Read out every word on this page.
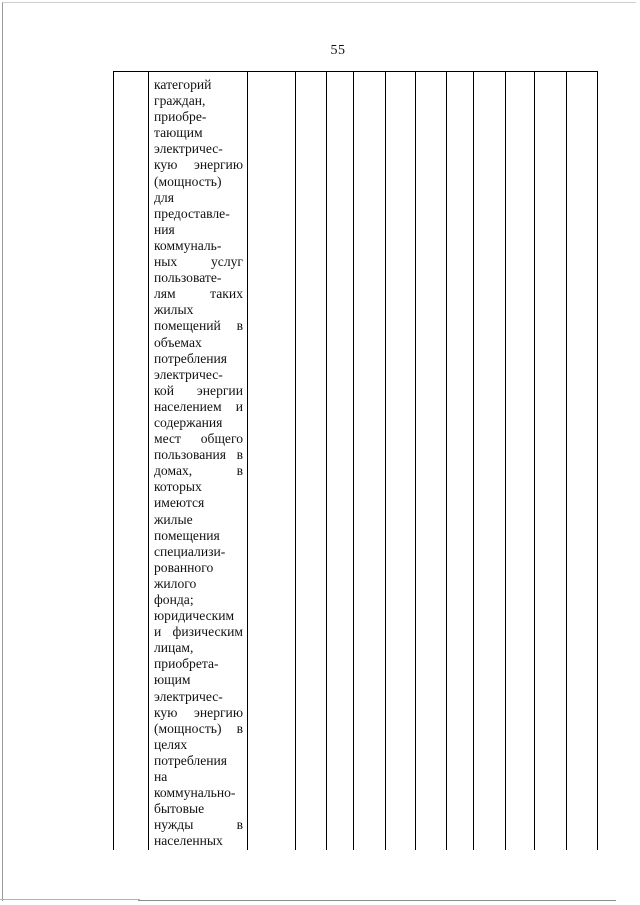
55

категорий
граждан,
приобре-
тающим
электричес-
кую энергию
(мощность)
для
предоставле-
ния
коммуналь-
ных услуг
пользовате-
лям	таких
жилых
помещений в
объемах
потребления
электричес-
кой энергии
населением и
содержания
мест общего
пользования в
домах,	в
которых
имеются
жилые
помещения
специализи-
рованного
жилого
фонда;
юридическим
и физическим
лицам,
приобрета-
ющим
электричес-
кую энергию
(мощность) в
целях
потребления
на
коммунально-
бытовые
нужды	в
населенных
